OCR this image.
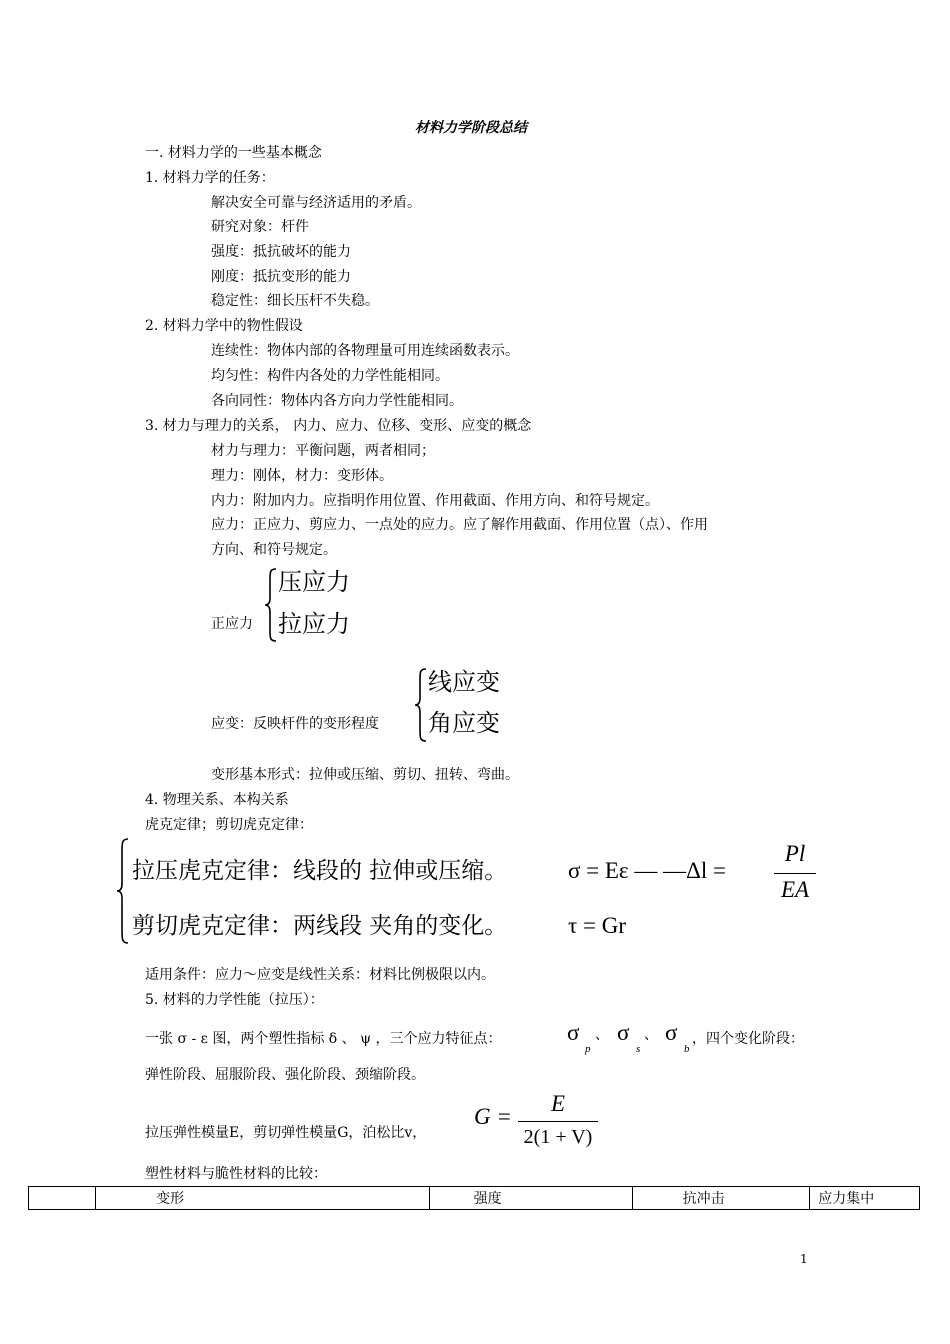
材料力学阶段总结
一. 材料力学的一些基本概念
1. 材料力学的任务：
解决安全可靠与经济适用的矛盾。
研究对象：杆件
强度：抵抗破坏的能力
刚度：抵抗变形的能力
稳定性：细长压杆不失稳。
2. 材料力学中的物性假设
连续性：物体内部的各物理量可用连续函数表示。
均匀性：构件内各处的力学性能相同。
各向同性：物体内各方向力学性能相同。
3. 材力与理力的关系， 内力、应力、位移、变形、应变的概念
材力与理力：平衡问题，两者相同；
理力：刚体，材力：变形体。
内力：附加内力。应指明作用位置、作用截面、作用方向、和符号规定。
应力：正应力、剪应力、一点处的应力。应了解作用截面、作用位置（点）、作用
方向、和符号规定。
正应力
压应力
拉应力
应变：反映杆件的变形程度
线应变
角应变
变形基本形式：拉伸或压缩、剪切、扭转、弯曲。
4. 物理关系、本构关系
虎克定律；剪切虎克定律：
拉压虎克定律：线段的 拉伸或压缩。	σ = Eε — —Δl =
Pl
EA
剪切虎克定律：两线段 夹角的变化。	τ = Gr
适用条件：应力～应变是线性关系：材料比例极限以内。
5. 材料的力学性能（拉压）：
一张 σ - ε 图，两个塑性指标 δ 、 ψ ，三个应力特征点：	σ
p
、 σ
s
、 σ
b
，四个变化阶段：
弹性阶段、屈服阶段、强化阶段、颈缩阶段。
拉压弹性模量E，剪切弹性模量G，泊松比v，
G =
E
2(1 + V)
塑性材料与脆性材料的比较：
	变形	强度	抗冲击	应力集中
1
